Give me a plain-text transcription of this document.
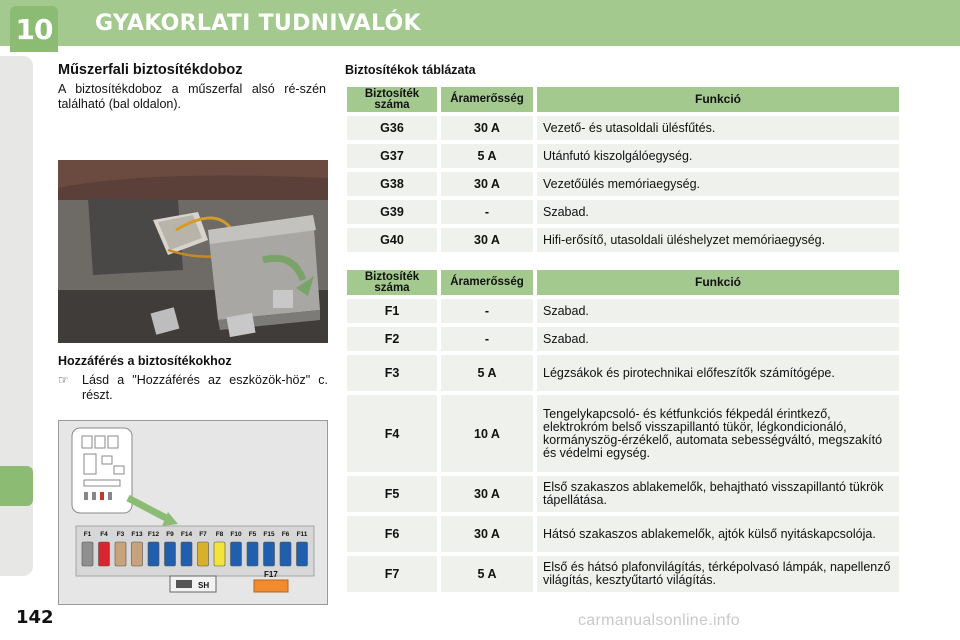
10 GYAKORLATI TUDNIVALÓK
142
Műszerfali biztosítékdoboz
A biztosítékdoboz a műszerfal alsó ré-szén található (bal oldalon).
Hozzáférés a biztosítékokhoz
☞	Lásd a "Hozzáférés az eszközök-höz" c. részt.
F1 F4 F3 F13 F12 F9 F14 F7 F8 F10 F5 F15 F6 F11
SH
F17
Biztosítékok táblázata
Biztosíték száma	Áramerősség	Funkció
G36	30 A	Vezető- és utasoldali ülésfűtés.
G37	5 A	Utánfutó kiszolgálóegység.
G38	30 A	Vezetőülés memóriaegység.
G39	-	Szabad.
G40	30 A	Hifi-erősítő, utasoldali üléshelyzet memóriaegység.
Biztosíték száma	Áramerősség	Funkció
F1	-	Szabad.
F2	-	Szabad.
F3	5 A	Légzsákok és pirotechnikai előfeszítők számítógépe.
F4	10 A	Tengelykapcsoló- és kétfunkciós fékpedál érintkező, elektrokróm belső visszapillantó tükör, légkondicionáló, kormányszög-érzékelő, automata sebességváltó, megszakító és védelmi egység.
F5	30 A	Első szakaszos ablakemelők, behajtható visszapillantó tükrök tápellátása.
F6	30 A	Hátsó szakaszos ablakemelők, ajtók külső nyitáskapcsolója.
F7	5 A	Első és hátsó plafonvilágítás, térképolvasó lámpák, napellenző világítás, kesztyűtartó világítás.
carmanualsonline.info
